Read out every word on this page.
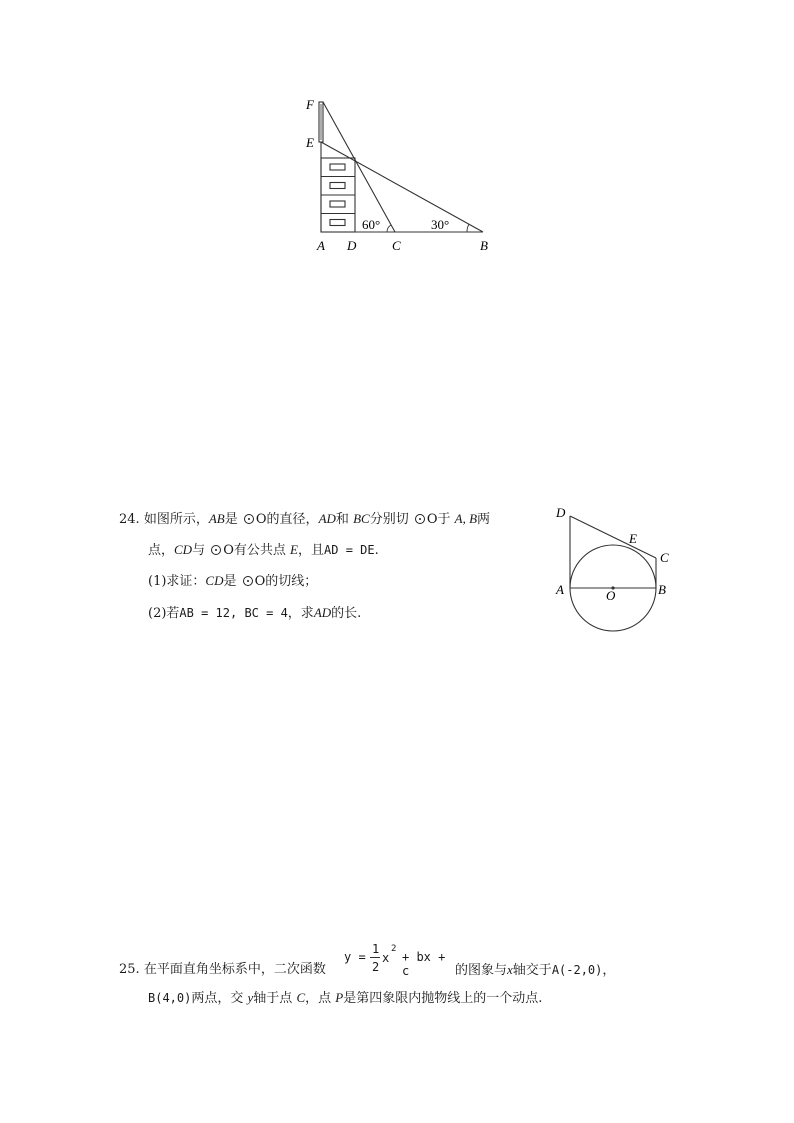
F
E
A D	C	B
60°	30°
24. 如图所示，AB是 O的直径，AD和 BC分别切 O于 A, B两
点，CD与 O有公共点 E，且AD = DE.
(1)求证：CD是 O的切线；
(2)若AB = 12, BC = 4，求AD的长.
D
E
C
A	O	B
25. 在平面直角坐标系中，二次函数
y =
1
2
x
2
+ bx + c	的图象与x轴交于A(-2,0)，
B(4,0)两点，交 y轴于点 C，点 P是第四象限内抛物线上的一个动点.
